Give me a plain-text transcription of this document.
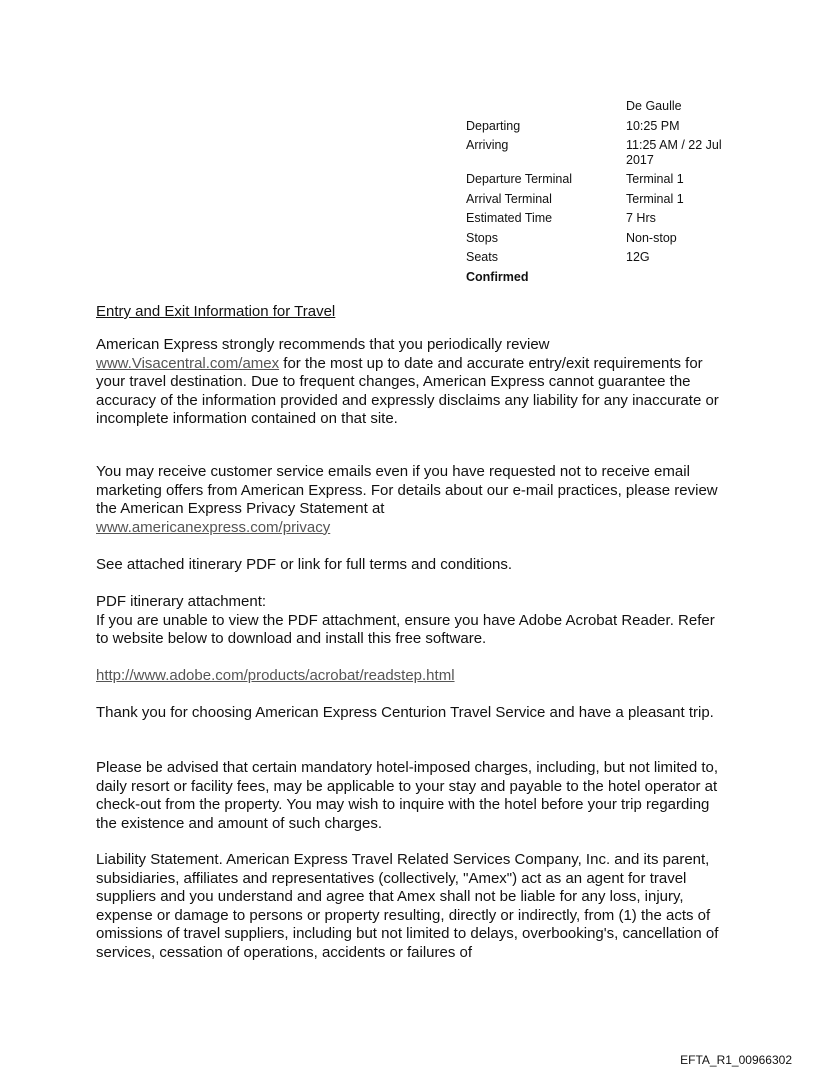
De Gaulle
Departing	10:25 PM
Arriving	11:25 AM / 22 Jul 2017
Departure Terminal	Terminal 1
Arrival Terminal	Terminal 1
Estimated Time	7 Hrs
Stops	Non-stop
Seats	12G
Confirmed

Entry and Exit Information for Travel

American Express strongly recommends that you periodically review
www.Visacentral.com/amex for the most up to date and accurate entry/exit requirements for your travel destination. Due to frequent changes, American Express cannot guarantee the accuracy of the information provided and expressly disclaims any liability for any inaccurate or incomplete information contained on that site.

You may receive customer service emails even if you have requested not to receive email marketing offers from American Express. For details about our e-mail practices, please review the American Express Privacy Statement at
www.americanexpress.com/privacy

See attached itinerary PDF or link for full terms and conditions.

PDF itinerary attachment:

If you are unable to view the PDF attachment, ensure you have Adobe Acrobat Reader. Refer to website below to download and install this free software.

http://www.adobe.com/products/acrobat/readstep.html

Thank you for choosing American Express Centurion Travel Service and have a pleasant trip.

Please be advised that certain mandatory hotel-imposed charges, including, but not limited to, daily resort or facility fees, may be applicable to your stay and payable to the hotel operator at check-out from the property. You may wish to inquire with the hotel before your trip regarding the existence and amount of such charges.

Liability Statement. American Express Travel Related Services Company, Inc. and its parent, subsidiaries, affiliates and representatives (collectively, "Amex") act as an agent for travel suppliers and you understand and agree that Amex shall not be liable for any loss, injury, expense or damage to persons or property resulting, directly or indirectly, from (1) the acts of omissions of travel suppliers, including but not limited to delays, overbooking's, cancellation of services, cessation of operations, accidents or failures of

EFTA_R1_00966302
